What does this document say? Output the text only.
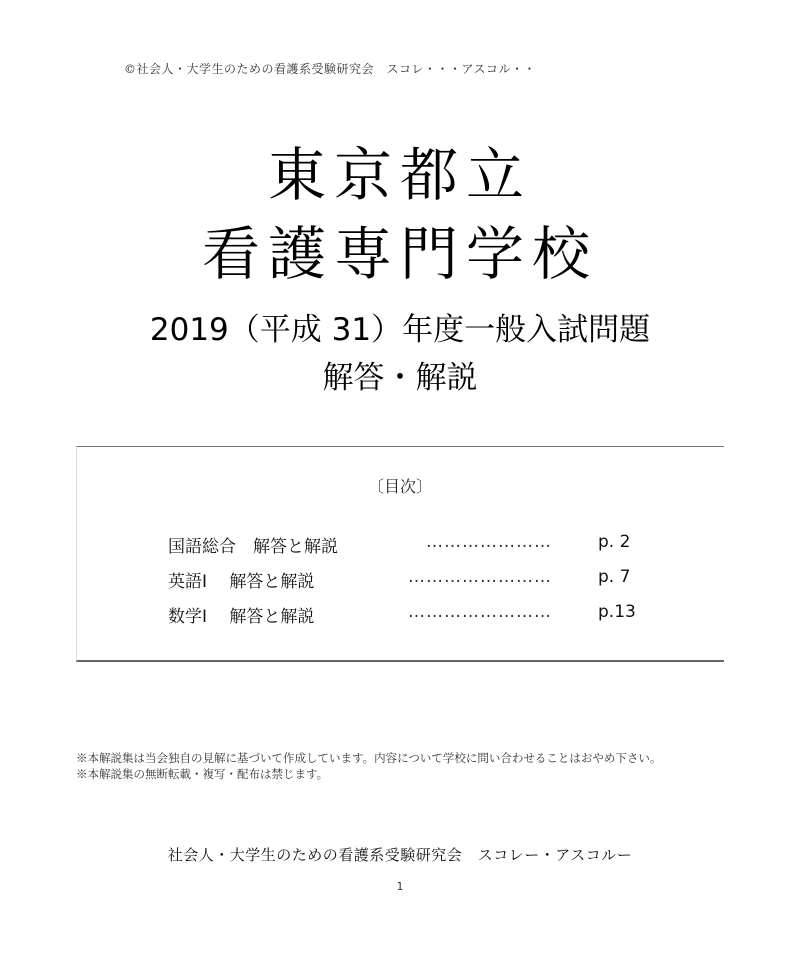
©社会人・大学生のための看護系受験研究会　スコレ・・・アスコル・・
東京都立
看護専門学校
2019（平成 31）年度一般入試問題
解答・解説
〔目次〕
国語総合　解答と解説	…………………	p. 2
英語Ⅰ　 解答と解説	……………………	p. 7
数学Ⅰ　 解答と解説	……………………	p.13
※本解説集は当会独自の見解に基づいて作成しています。内容について学校に問い合わせることはおやめ下さい。
※本解説集の無断転載・複写・配布は禁じます。
社会人・大学生のための看護系受験研究会　スコレー・アスコルー
1
